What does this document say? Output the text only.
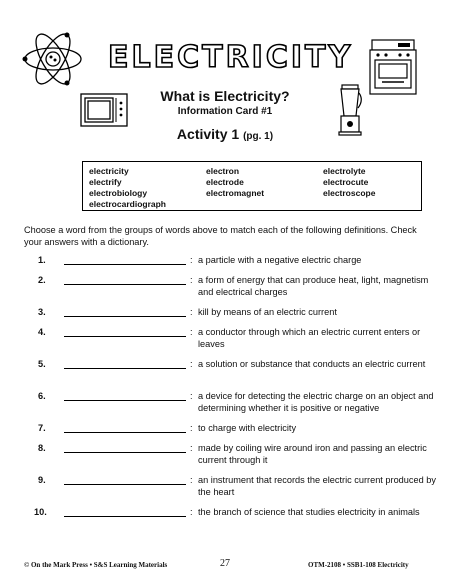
ELECTRICITY
What is Electricity?
Information Card #1
Activity 1 (pg. 1)
electricity	electron	electrolyte
electrify	electrode	electrocute
electrobiology	electromagnet	electroscope
electrocardiograph
Choose a word from the groups of words above to match each of the following definitions. Check your answers with a dictionary.
1.	: a particle with a negative electric charge
2.	: a form of energy that can produce heat, light, magnetism and electrical charges
3.	: kill by means of an electric current
4.	: a conductor through which an electric current enters or leaves
5.	: a solution or substance that conducts an electric current
6.	: a device for detecting the electric charge on an object and determining whether it is positive or negative
7.	: to charge with electricity
8.	: made by coiling wire around iron and passing an electric current through it
9.	: an instrument that records the electric current produced by the heart
10.	: the branch of science that studies electricity in animals
© On the Mark Press • S&S Learning Materials	27	OTM-2108 • SSB1-108 Electricity
